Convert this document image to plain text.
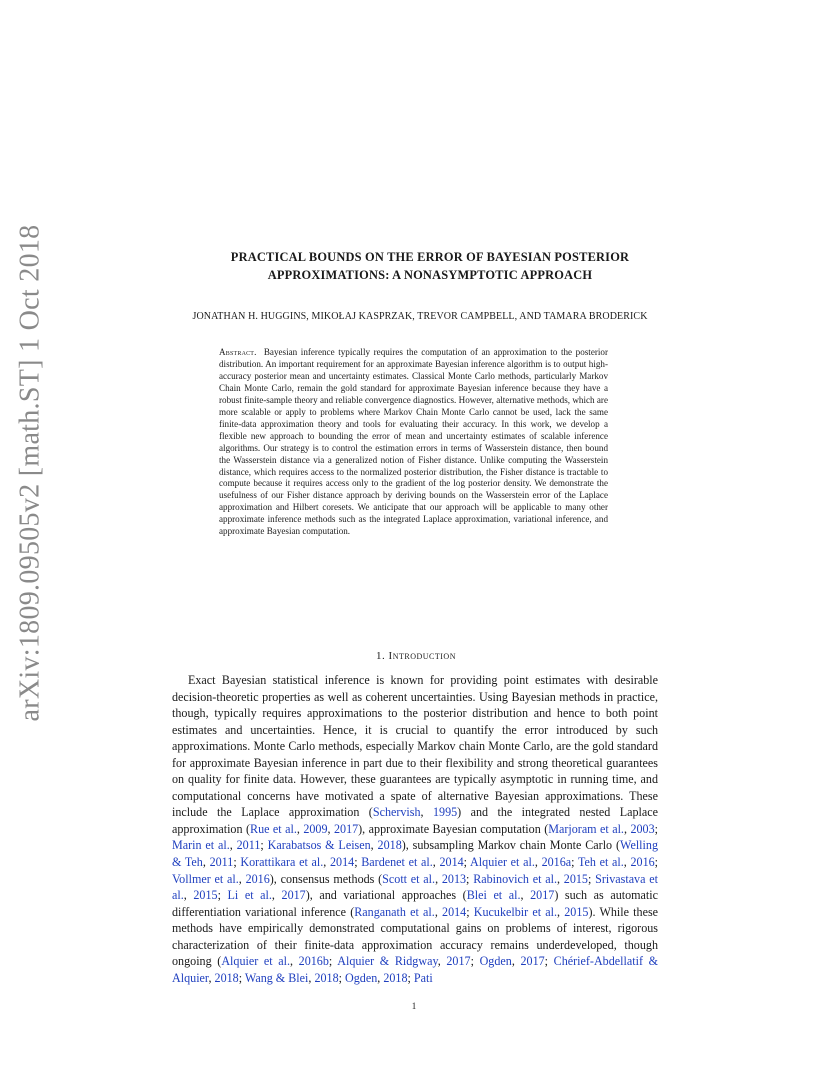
arXiv:1809.09505v2 [math.ST] 1 Oct 2018	PRACTICAL BOUNDS ON THE ERROR OF BAYESIAN POSTERIOR
APPROXIMATIONS: A NONASYMPTOTIC APPROACH
JONATHAN H. HUGGINS, MIKOŁAJ KASPRZAK, TREVOR CAMPBELL, AND TAMARA BRODERICK
Abstract. Bayesian inference typically requires the computation of an approximation to the posterior distribution. An important requirement for an approximate Bayesian inference algorithm is to output high-accuracy posterior mean and uncertainty estimates. Classical Monte Carlo methods, particularly Markov Chain Monte Carlo, remain the gold standard for approximate Bayesian inference because they have a robust finite-sample theory and reliable convergence diagnostics. However, alternative methods, which are more scalable or apply to problems where Markov Chain Monte Carlo cannot be used, lack the same finite-data approximation theory and tools for evaluating their accuracy. In this work, we develop a flexible new approach to bounding the error of mean and uncertainty estimates of scalable inference algorithms. Our strategy is to control the estimation errors in terms of Wasserstein distance, then bound the Wasserstein distance via a generalized notion of Fisher distance. Unlike computing the Wasserstein distance, which requires access to the normalized posterior distribution, the Fisher distance is tractable to compute because it requires access only to the gradient of the log posterior density. We demonstrate the usefulness of our Fisher distance approach by deriving bounds on the Wasserstein error of the Laplace approximation and Hilbert coresets. We anticipate that our approach will be applicable to many other approximate inference methods such as the integrated Laplace approximation, variational inference, and approximate Bayesian computation.
1. Introduction
Exact Bayesian statistical inference is known for providing point estimates with desirable decision-theoretic properties as well as coherent uncertainties. Using Bayesian methods in practice, though, typically requires approximations to the posterior distribution and hence to both point estimates and uncertainties. Hence, it is crucial to quantify the error introduced by such approximations. Monte Carlo methods, especially Markov chain Monte Carlo, are the gold standard for approximate Bayesian inference in part due to their flexibility and strong theoretical guarantees on quality for finite data. However, these guarantees are typically asymptotic in running time, and computational concerns have motivated a spate of alternative Bayesian approximations. These include the Laplace approximation (Schervish, 1995) and the integrated nested Laplace approximation (Rue et al., 2009, 2017), approximate Bayesian computation (Marjoram et al., 2003; Marin et al., 2011; Karabatsos & Leisen, 2018), subsampling Markov chain Monte Carlo (Welling & Teh, 2011; Korattikara et al., 2014; Bardenet et al., 2014; Alquier et al., 2016a; Teh et al., 2016; Vollmer et al., 2016), consensus methods (Scott et al., 2013; Rabinovich et al., 2015; Srivastava et al., 2015; Li et al., 2017), and variational approaches (Blei et al., 2017) such as automatic differentiation variational inference (Ranganath et al., 2014; Kucukelbir et al., 2015). While these methods have empirically demonstrated computational gains on problems of interest, rigorous characterization of their finite-data approximation accuracy remains underdeveloped, though ongoing (Alquier et al., 2016b; Alquier & Ridgway, 2017; Ogden, 2017; Chérief-Abdellatif & Alquier, 2018; Wang & Blei, 2018; Ogden, 2018; Pati
1
